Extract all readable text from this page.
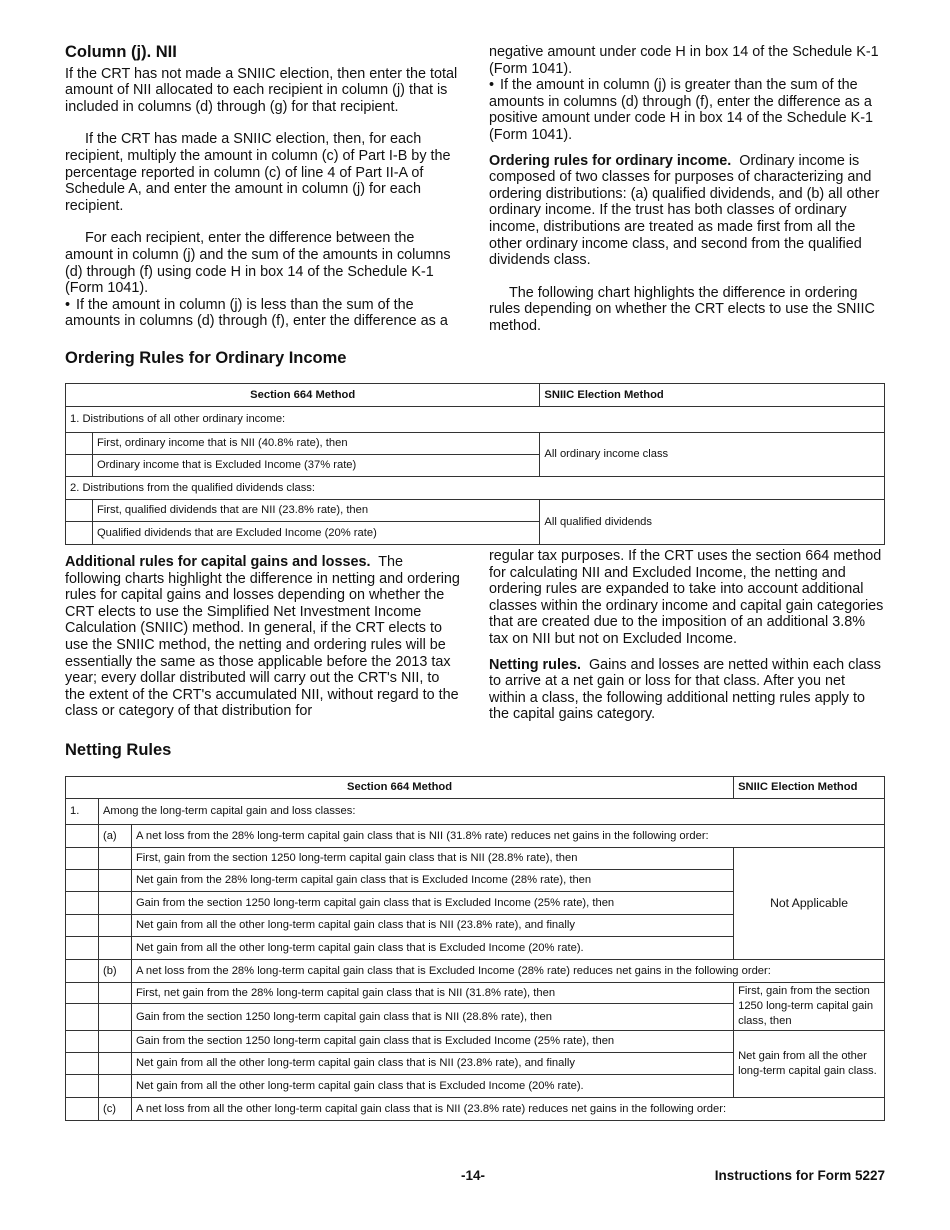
Column (j). NII

If the CRT has not made a SNIIC election, then enter the total amount of NII allocated to each recipient in column (j) that is included in columns (d) through (g) for that recipient.

If the CRT has made a SNIIC election, then, for each recipient, multiply the amount in column (c) of Part I-B by the percentage reported in column (c) of line 4 of Part II-A of Schedule A, and enter the amount in column (j) for each recipient.

For each recipient, enter the difference between the amount in column (j) and the sum of the amounts in columns (d) through (f) using code H in box 14 of the Schedule K-1 (Form 1041).

• If the amount in column (j) is less than the sum of the amounts in columns (d) through (f), enter the difference as a

negative amount under code H in box 14 of the Schedule K-1 (Form 1041).

• If the amount in column (j) is greater than the sum of the amounts in columns (d) through (f), enter the difference as a positive amount under code H in box 14 of the Schedule K-1 (Form 1041).

Ordering rules for ordinary income. Ordinary income is composed of two classes for purposes of characterizing and ordering distributions: (a) qualified dividends, and (b) all other ordinary income. If the trust has both classes of ordinary income, distributions are treated as made first from all the other ordinary income class, and second from the qualified dividends class.

The following chart highlights the difference in ordering rules depending on whether the CRT elects to use the SNIIC method.

Ordering Rules for Ordinary Income
Section 664 Method		SNIIC Election Method
1. Distributions of all other ordinary income:		
	First, ordinary income that is NII (40.8% rate), then	All ordinary income class
	Ordinary income that is Excluded Income (37% rate)	
2. Distributions from the qualified dividends class:		
	First, qualified dividends that are NII (23.8% rate), then	All qualified dividends
	Qualified dividends that are Excluded Income (20% rate)	

Additional rules for capital gains and losses. The following charts highlight the difference in netting and ordering rules for capital gains and losses depending on whether the CRT elects to use the Simplified Net Investment Income Calculation (SNIIC) method. In general, if the CRT elects to use the SNIIC method, the netting and ordering rules will be essentially the same as those applicable before the 2013 tax year; every dollar distributed will carry out the CRT's NII, to the extent of the CRT's accumulated NII, without regard to the class or category of that distribution for

regular tax purposes. If the CRT uses the section 664 method for calculating NII and Excluded Income, the netting and ordering rules are expanded to take into account additional classes within the ordinary income and capital gain categories that are created due to the imposition of an additional 3.8% tax on NII but not on Excluded Income.

Netting rules. Gains and losses are netted within each class to arrive at a net gain or loss for that class. After you net within a class, the following additional netting rules apply to the capital gains category.

Netting Rules
Section 664 Method			SNIIC Election Method
1.	Among the long-term capital gain and loss classes:		
	(a)	A net loss from the 28% long-term capital gain class that is NII (31.8% rate) reduces net gains in the following order:	
		First, gain from the section 1250 long-term capital gain class that is NII (28.8% rate), then	Not Applicable
		Net gain from the 28% long-term capital gain class that is Excluded Income (28% rate), then	
		Gain from the section 1250 long-term capital gain class that is Excluded Income (25% rate), then	
		Net gain from all the other long-term capital gain class that is NII (23.8% rate), and finally	
		Net gain from all the other long-term capital gain class that is Excluded Income (20% rate).	
	(b)	A net loss from the 28% long-term capital gain class that is Excluded Income (28% rate) reduces net gains in the following order:	
		First, net gain from the 28% long-term capital gain class that is NII (31.8% rate), then	First, gain from the section 1250 long-term capital gain class, then
		Gain from the section 1250 long-term capital gain class that is NII (28.8% rate), then	
		Gain from the section 1250 long-term capital gain class that is Excluded Income (25% rate), then	Net gain from all the other long-term capital gain class.
		Net gain from all the other long-term capital gain class that is NII (23.8% rate), and finally	
		Net gain from all the other long-term capital gain class that is Excluded Income (20% rate).	
	(c)	A net loss from all the other long-term capital gain class that is NII (23.8% rate) reduces net gains in the following order:	
-14-	Instructions for Form 5227
